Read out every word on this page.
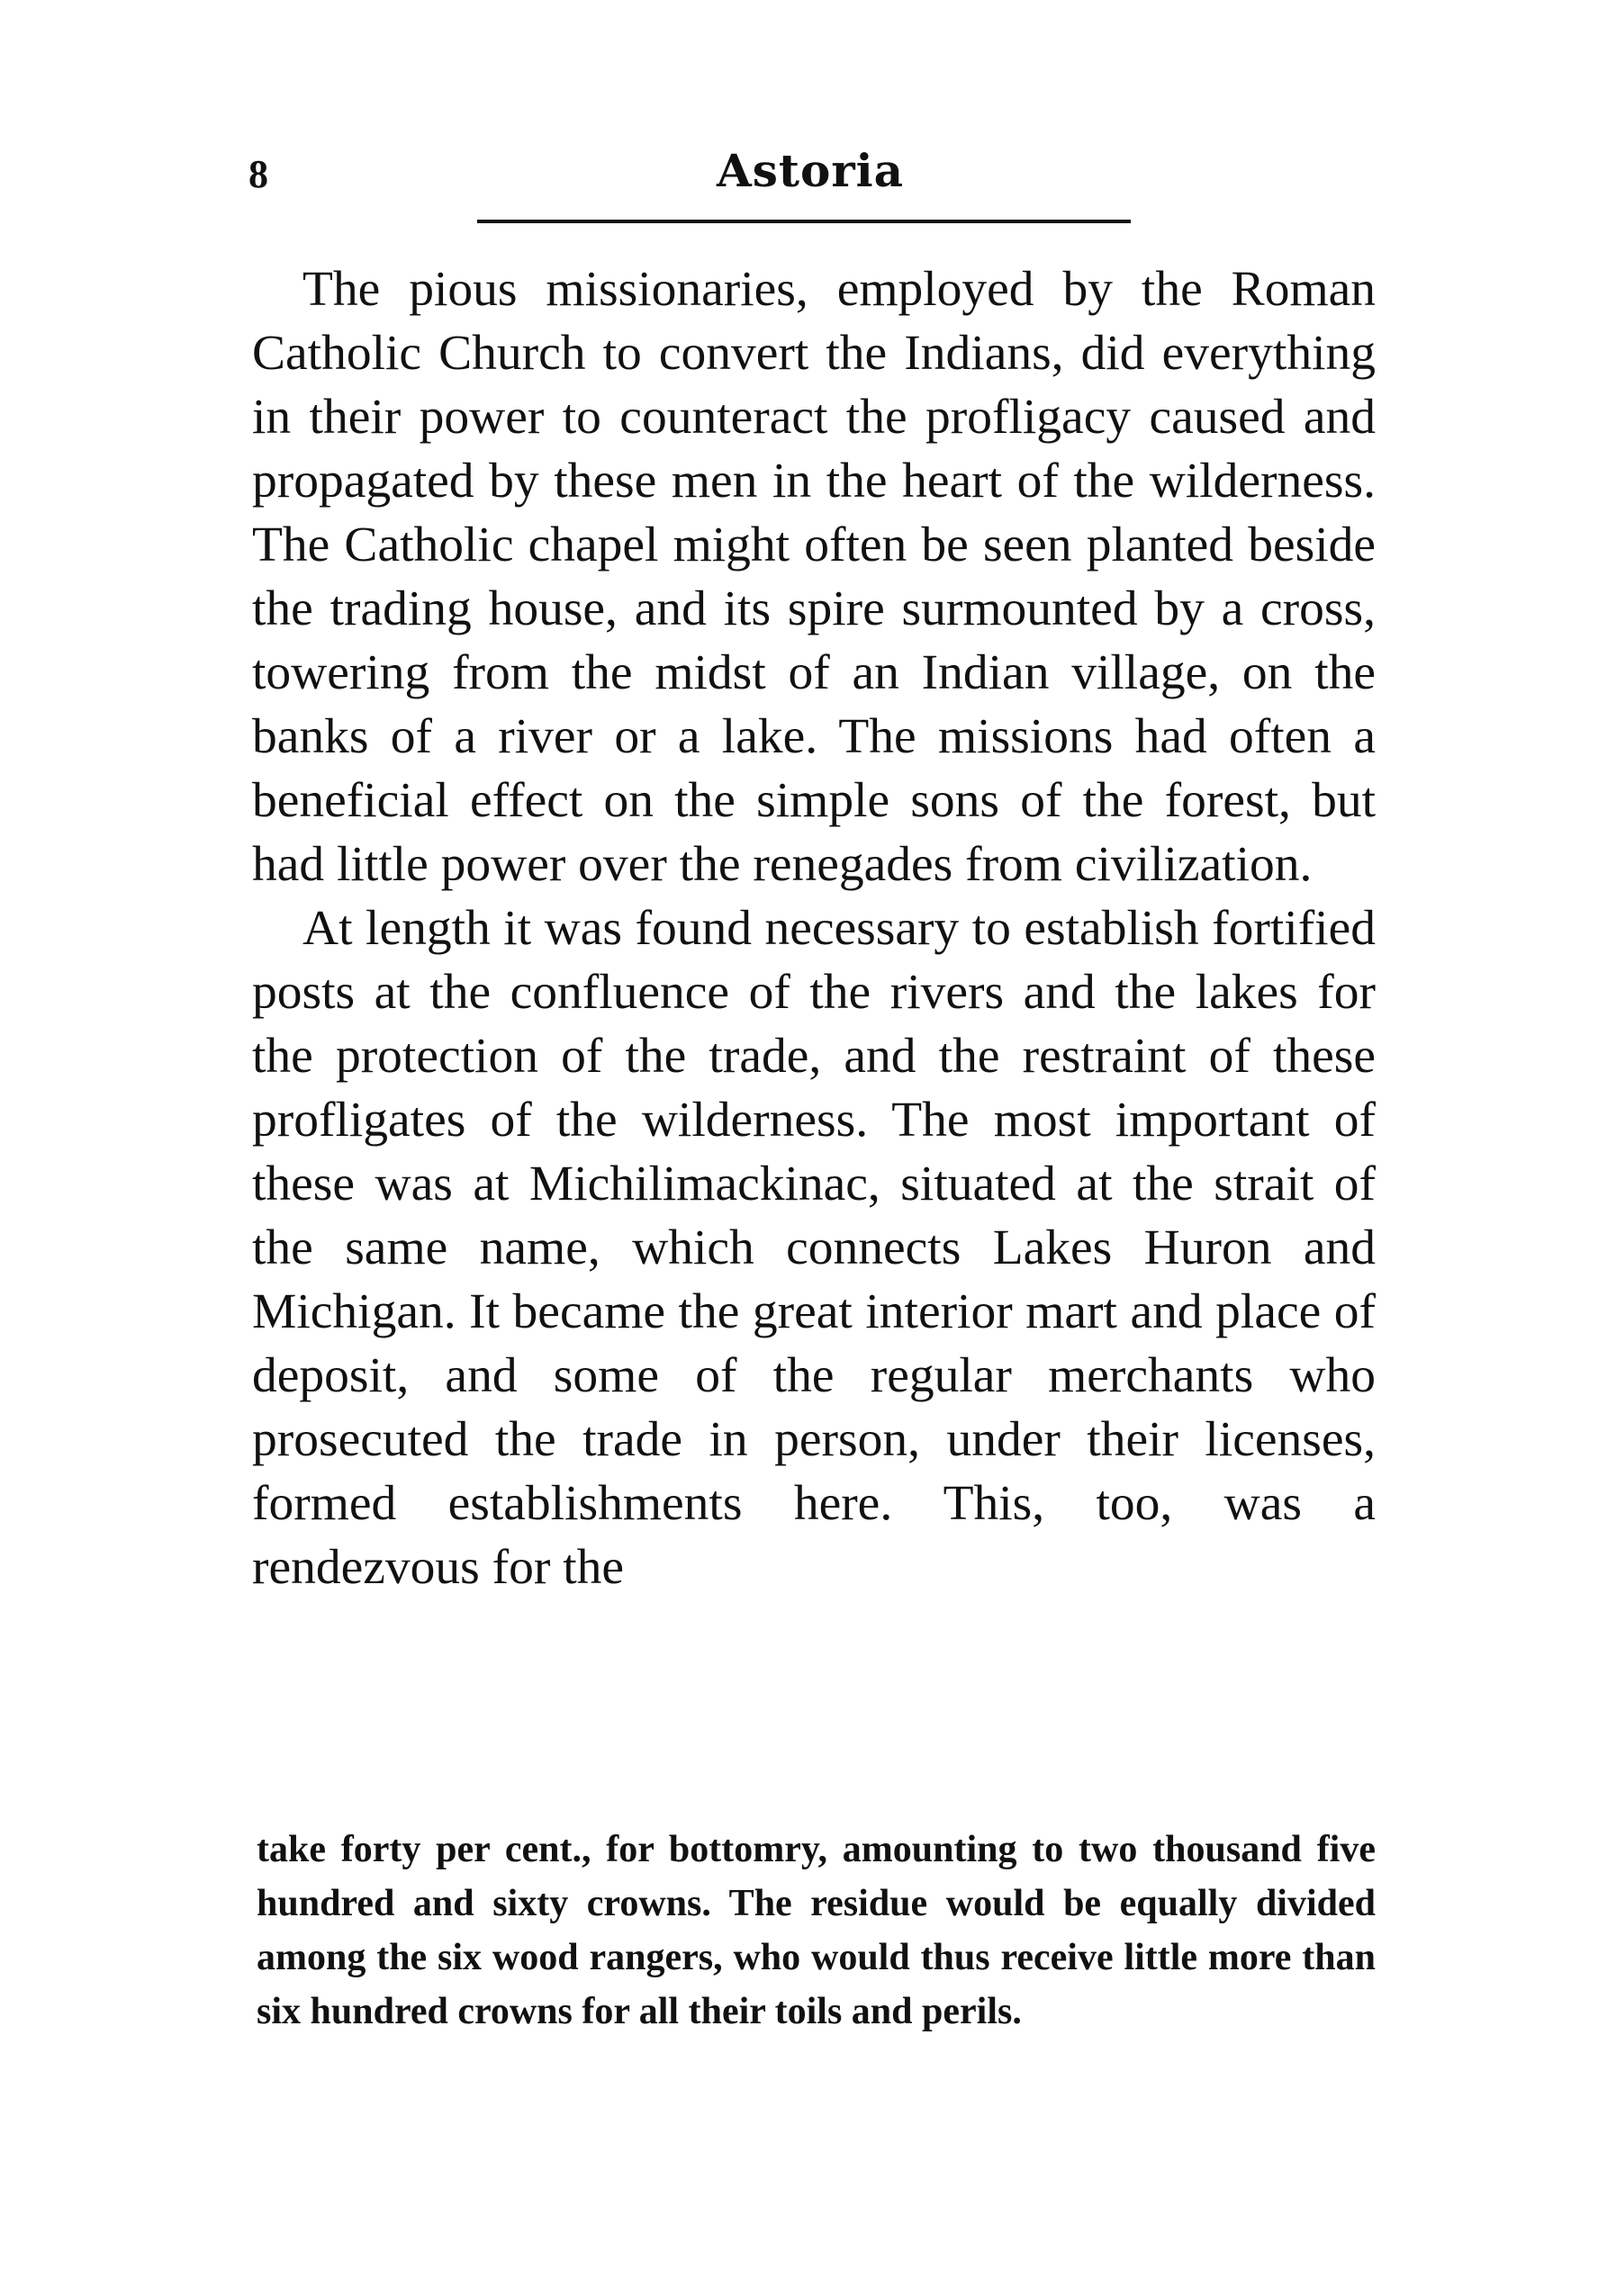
8	Astoria

The pious missionaries, employed by the Roman Catholic Church to convert the Indians, did everything in their power to counteract the profligacy caused and propagated by these men in the heart of the wilderness. The Catholic chapel might often be seen planted beside the trading house, and its spire surmounted by a cross, towering from the midst of an Indian village, on the banks of a river or a lake. The missions had often a beneficial effect on the simple sons of the forest, but had little power over the renegades from civilization.

At length it was found necessary to establish fortified posts at the confluence of the rivers and the lakes for the protection of the trade, and the restraint of these profligates of the wilderness. The most important of these was at Michilimackinac, situated at the strait of the same name, which connects Lakes Huron and Michigan. It became the great interior mart and place of deposit, and some of the regular merchants who prosecuted the trade in person, under their licenses, formed establishments here. This, too, was a rendezvous for the

take forty per cent., for bottomry, amounting to two thousand five hundred and sixty crowns. The residue would be equally divided among the six wood rangers, who would thus receive little more than six hundred crowns for all their toils and perils.
